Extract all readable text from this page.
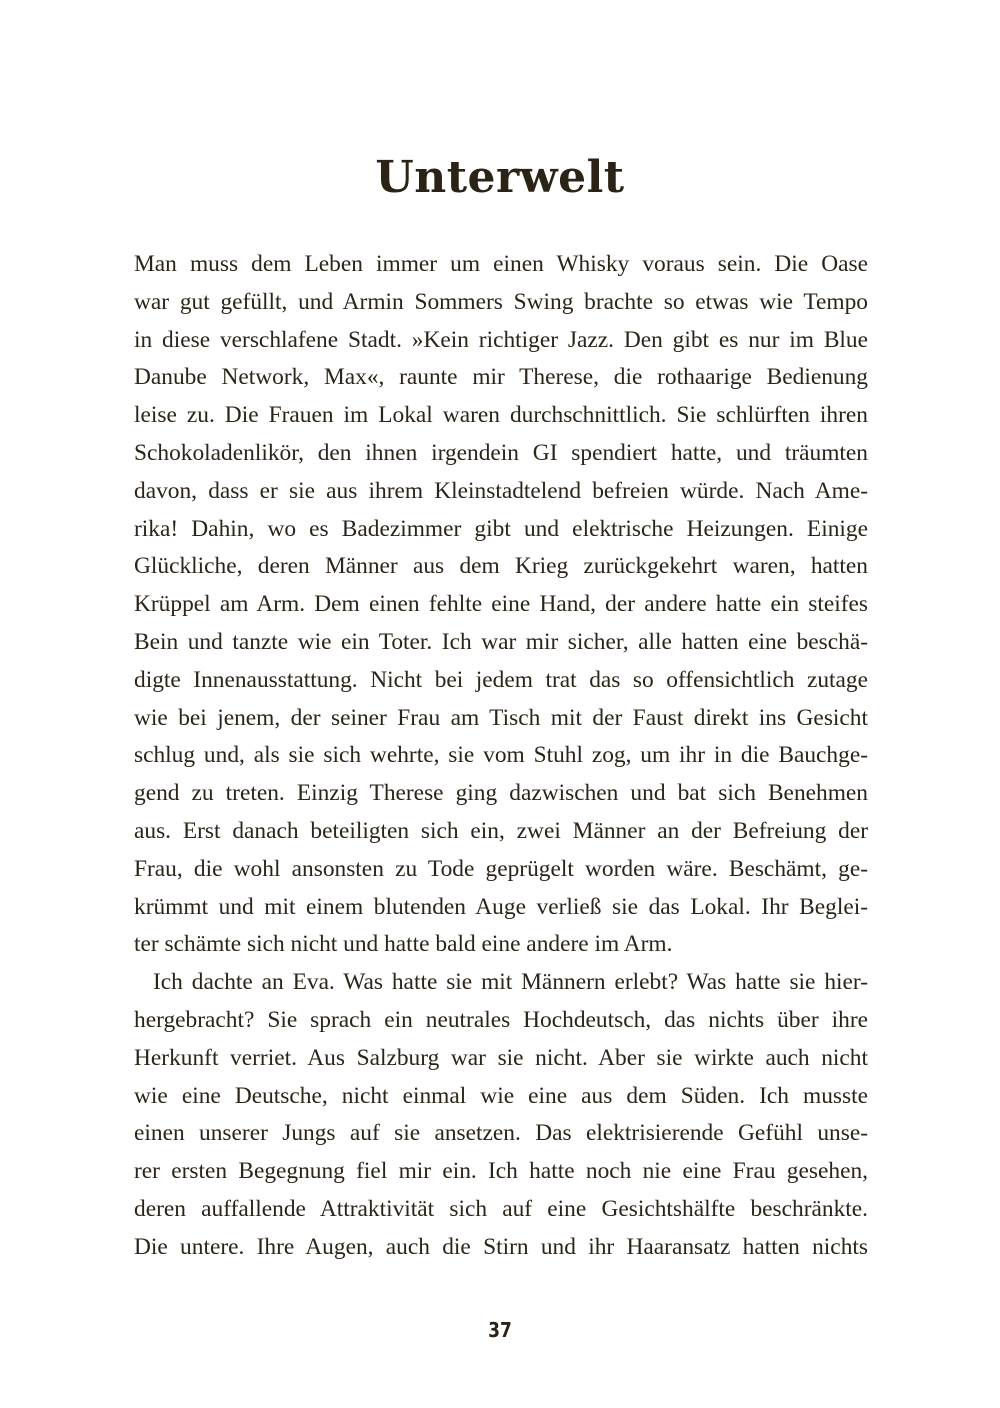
Unterwelt
Man muss dem Leben immer um einen Whisky voraus sein. Die Oase
war gut gefüllt, und Armin Sommers Swing brachte so etwas wie Tempo
in diese verschlafene Stadt. »Kein richtiger Jazz. Den gibt es nur im Blue
Danube Network, Max«, raunte mir Therese, die rothaarige Bedienung
leise zu. Die Frauen im Lokal waren durchschnittlich. Sie schlürften ihren
Schokoladenlikör, den ihnen irgendein GI spendiert hatte, und träumten
davon, dass er sie aus ihrem Kleinstadtelend befreien würde. Nach Ame-
rika! Dahin, wo es Badezimmer gibt und elektrische Heizungen. Einige
Glückliche, deren Männer aus dem Krieg zurückgekehrt waren, hatten
Krüppel am Arm. Dem einen fehlte eine Hand, der andere hatte ein steifes
Bein und tanzte wie ein Toter. Ich war mir sicher, alle hatten eine beschä-
digte Innenausstattung. Nicht bei jedem trat das so offensichtlich zutage
wie bei jenem, der seiner Frau am Tisch mit der Faust direkt ins Gesicht
schlug und, als sie sich wehrte, sie vom Stuhl zog, um ihr in die Bauchge-
gend zu treten. Einzig Therese ging dazwischen und bat sich Benehmen
aus. Erst danach beteiligten sich ein, zwei Männer an der Befreiung der
Frau, die wohl ansonsten zu Tode geprügelt worden wäre. Beschämt, ge-
krümmt und mit einem blutenden Auge verließ sie das Lokal. Ihr Beglei-
ter schämte sich nicht und hatte bald eine andere im Arm.
Ich dachte an Eva. Was hatte sie mit Männern erlebt? Was hatte sie hier-
hergebracht? Sie sprach ein neutrales Hochdeutsch, das nichts über ihre
Herkunft verriet. Aus Salzburg war sie nicht. Aber sie wirkte auch nicht
wie eine Deutsche, nicht einmal wie eine aus dem Süden. Ich musste
einen unserer Jungs auf sie ansetzen. Das elektrisierende Gefühl unse-
rer ersten Begegnung fiel mir ein. Ich hatte noch nie eine Frau gesehen,
deren auffallende Attraktivität sich auf eine Gesichtshälfte beschränkte.
Die untere. Ihre Augen, auch die Stirn und ihr Haaransatz hatten nichts
37
